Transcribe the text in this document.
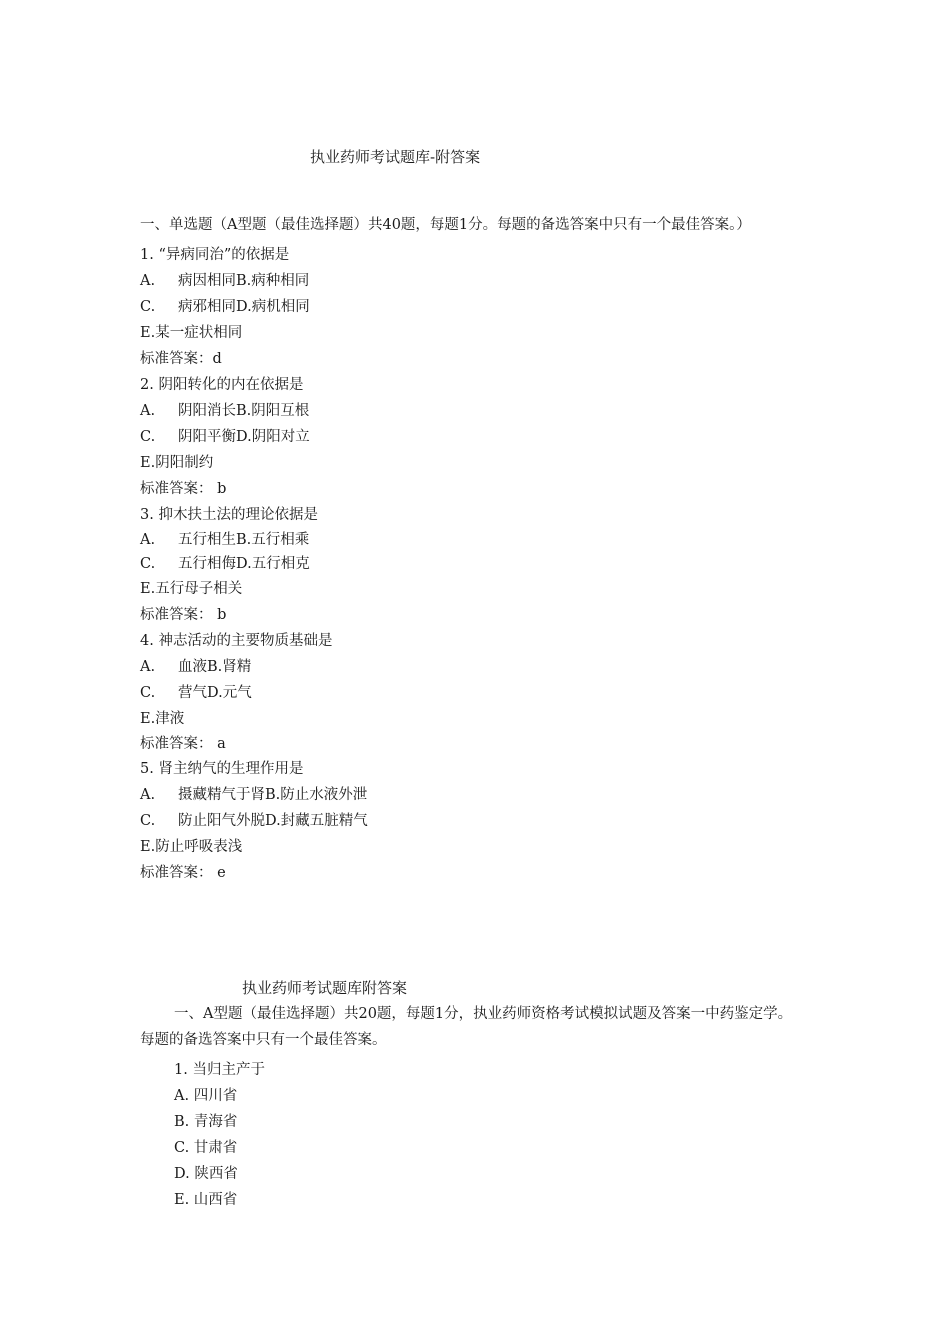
执业药师考试题库-附答案

一、单选题（A型题（最佳选择题）共40题，每题1分。每题的备选答案中只有一个最佳答案。）

1. “异病同治”的依据是
A. 病因相同B.病种相同
C. 病邪相同D.病机相同
E.某一症状相同
标准答案：d
2. 阴阳转化的内在依据是
A. 阴阳消长B.阴阳互根
C. 阴阳平衡D.阴阳对立
E.阴阳制约
标准答案： b
3. 抑木扶土法的理论依据是
A. 五行相生B.五行相乘
C. 五行相侮D.五行相克
E.五行母子相关
标准答案： b
4. 神志活动的主要物质基础是
A. 血液B.肾精
C. 营气D.元气
E.津液
标准答案： a
5. 肾主纳气的生理作用是
A. 摄藏精气于肾B.防止水液外泄
C. 防止阳气外脱D.封藏五脏精气
E.防止呼吸表浅
标准答案： e
执业药师考试题库附答案

一、A型题（最佳选择题）共20题，每题1分，执业药师资格考试模拟试题及答案一中药鉴定学。每题的备选答案中只有一个最佳答案。

1. 当归主产于
A. 四川省
B. 青海省
C. 甘肃省
D. 陕西省
E. 山西省
